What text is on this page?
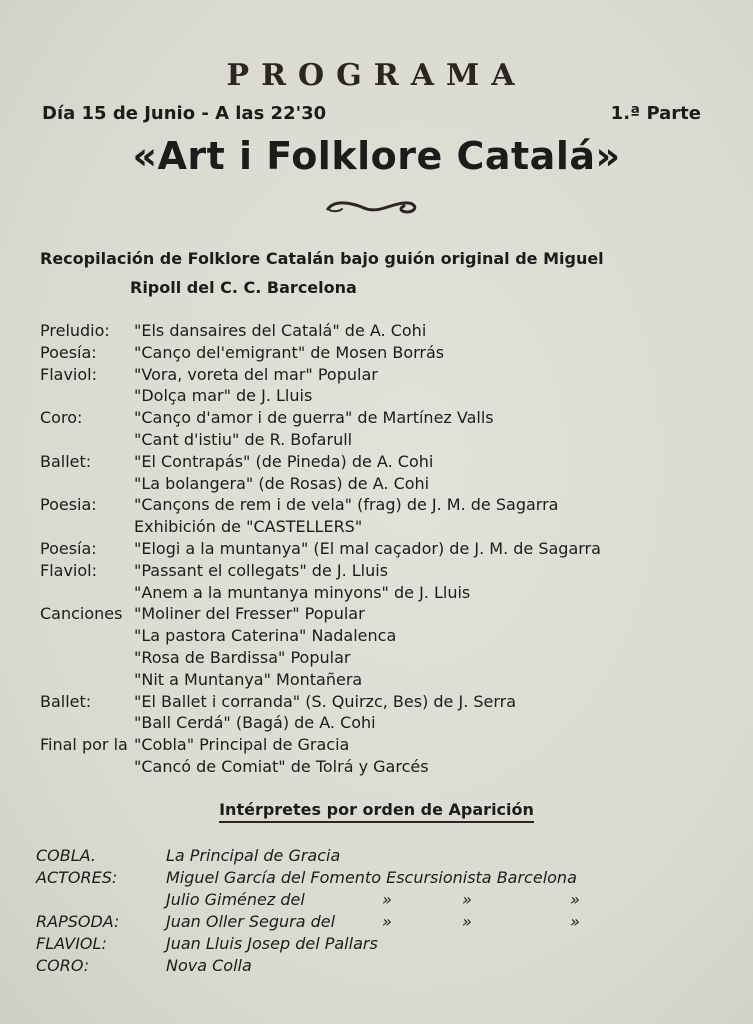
PROGRAMA
Día 15 de Junio - A las 22'30	1.ª Parte
«Art i Folklore Catalá»
Recopilación de Folklore Catalán bajo guión original de Miguel
Ripoll del C. C. Barcelona
Preludio: "Els dansaires del Catalá" de A. Cohi
Poesía: "Canço del'emigrant" de Mosen Borrás
Flaviol: "Vora, voreta del mar" Popular
"Dolça mar" de J. Lluis
Coro:	"Canço d'amor i de guerra" de Martínez Valls
"Cant d'istiu" de R. Bofarull
Ballet:	"El Contrapás" (de Pineda) de A. Cohi
"La bolangera" (de Rosas) de A. Cohi
Poesia: "Cançons de rem i de vela" (frag) de J. M. de Sagarra
Exhibición de "CASTELLERS"
Poesía: "Elogi a la muntanya" (El mal caçador) de J. M. de Sagarra
Flaviol: "Passant el collegats" de J. Lluis
"Anem a la muntanya minyons" de J. Lluis
Canciones "Moliner del Fresser" Popular
"La pastora Caterina" Nadalenca
"Rosa de Bardissa" Popular
"Nit a Muntanya" Montañera
Ballet:	"El Ballet i corranda" (S. Quirzc, Bes) de J. Serra
"Ball Cerdá" (Bagá) de A. Cohi
Final por la "Cobla" Principal de Gracia
"Cancó de Comiat" de Tolrá y Garcés
Intérpretes por orden de Aparición
COBLA.	La Principal de Gracia
ACTORES:	Miguel García del Fomento Escursionista Barcelona
Julio Giménez del	»	»	»
RAPSODA:	Juan Oller Segura del	»	»	»
FLAVIOL:	Juan Lluis Josep del Pallars
CORO:	Nova Colla
